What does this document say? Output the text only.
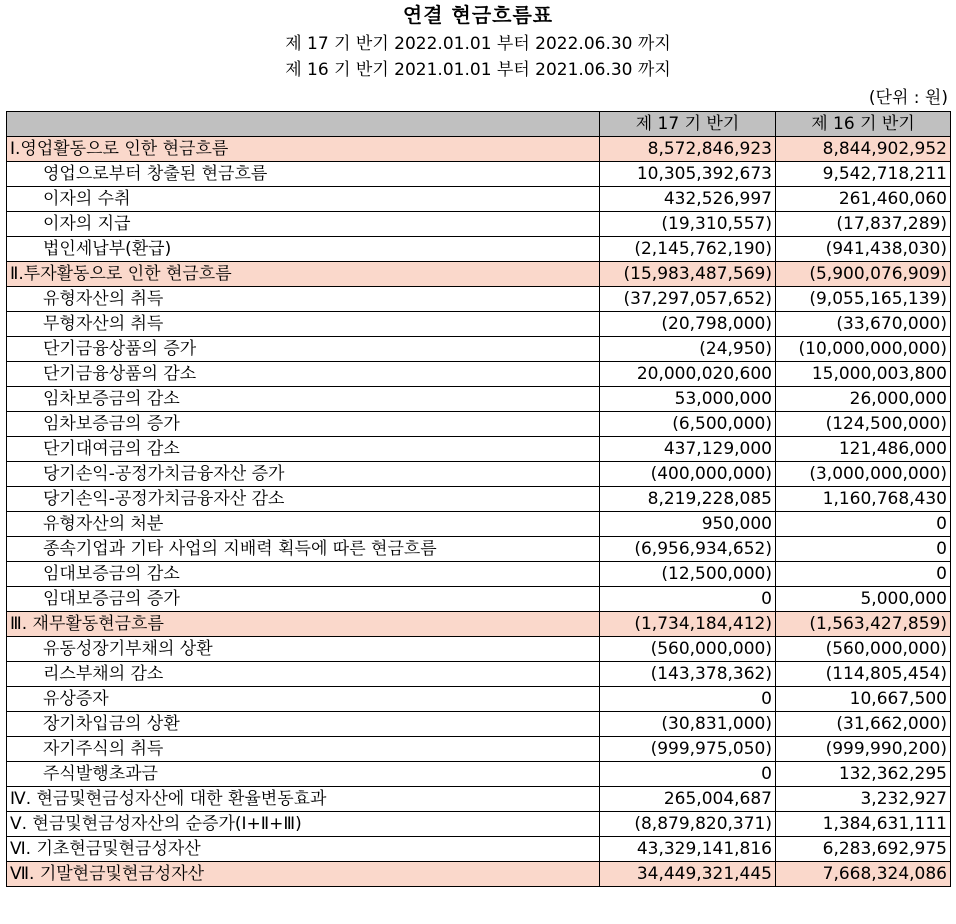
연결 현금흐름표
제 17 기 반기 2022.01.01 부터 2022.06.30 까지
제 16 기 반기 2021.01.01 부터 2021.06.30 까지
(단위 : 원)
	제 17 기 반기	제 16 기 반기
Ⅰ.영업활동으로 인한 현금흐름	8,572,846,923	8,844,902,952
영업으로부터 창출된 현금흐름	10,305,392,673	9,542,718,211
이자의 수취	432,526,997	261,460,060
이자의 지급	(19,310,557)	(17,837,289)
법인세납부(환급)	(2,145,762,190)	(941,438,030)
Ⅱ.투자활동으로 인한 현금흐름	(15,983,487,569)	(5,900,076,909)
유형자산의 취득	(37,297,057,652)	(9,055,165,139)
무형자산의 취득	(20,798,000)	(33,670,000)
단기금융상품의 증가	(24,950)	(10,000,000,000)
단기금융상품의 감소	20,000,020,600	15,000,003,800
임차보증금의 감소	53,000,000	26,000,000
임차보증금의 증가	(6,500,000)	(124,500,000)
단기대여금의 감소	437,129,000	121,486,000
당기손익-공정가치금융자산 증가	(400,000,000)	(3,000,000,000)
당기손익-공정가치금융자산 감소	8,219,228,085	1,160,768,430
유형자산의 처분	950,000	0
종속기업과 기타 사업의 지배력 획득에 따른 현금흐름	(6,956,934,652)	0
임대보증금의 감소	(12,500,000)	0
임대보증금의 증가	0	5,000,000
Ⅲ. 재무활동현금흐름	(1,734,184,412)	(1,563,427,859)
유동성장기부채의 상환	(560,000,000)	(560,000,000)
리스부채의 감소	(143,378,362)	(114,805,454)
유상증자	0	10,667,500
장기차입금의 상환	(30,831,000)	(31,662,000)
자기주식의 취득	(999,975,050)	(999,990,200)
주식발행초과금	0	132,362,295
Ⅳ. 현금및현금성자산에 대한 환율변동효과	265,004,687	3,232,927
Ⅴ. 현금및현금성자산의 순증가(Ⅰ+Ⅱ+Ⅲ)	(8,879,820,371)	1,384,631,111
Ⅵ. 기초현금및현금성자산	43,329,141,816	6,283,692,975
Ⅶ. 기말현금및현금성자산	34,449,321,445	7,668,324,086
